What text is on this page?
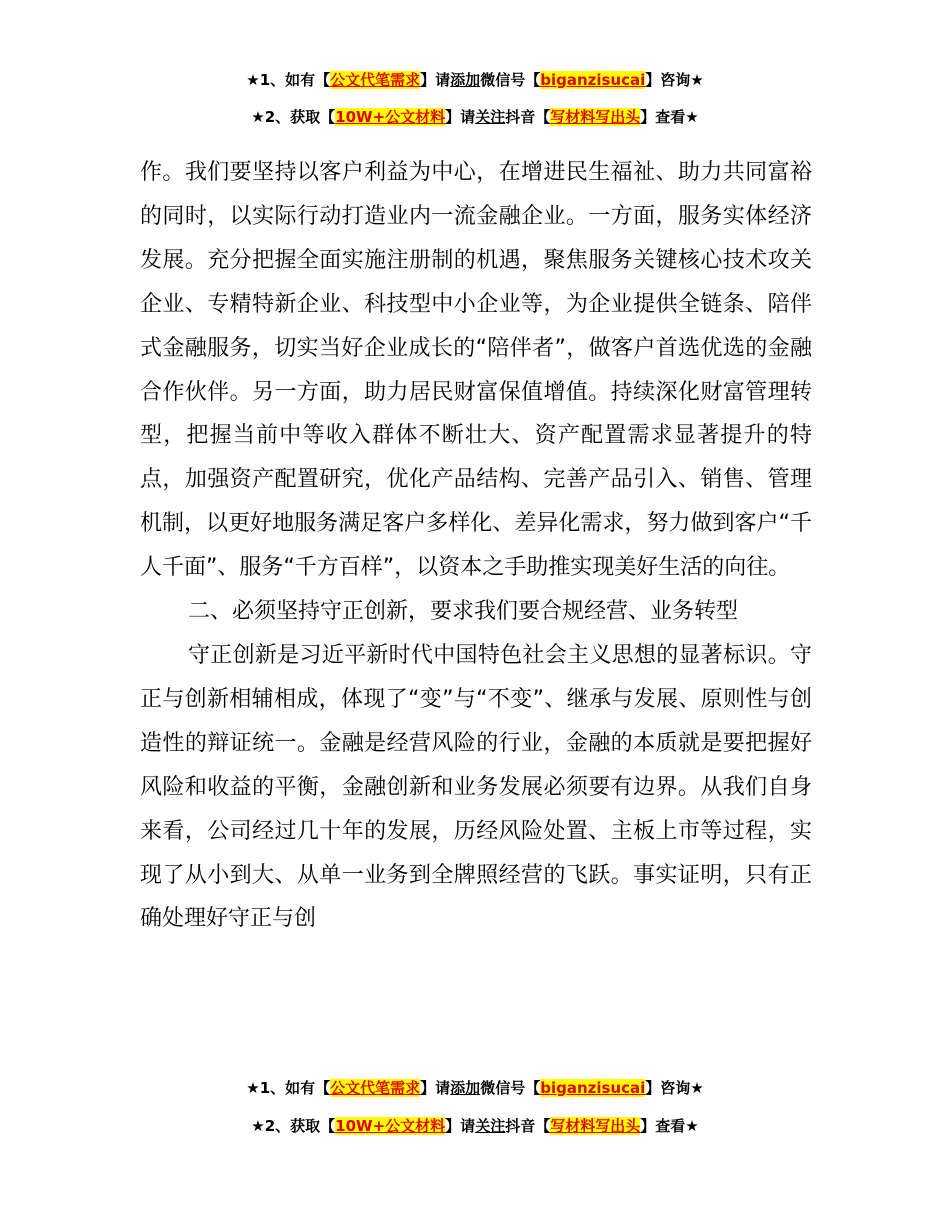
★1、如有【公文代笔需求】请添加微信号【biganzisucai】咨询★
★2、获取【10W+公文材料】请关注抖音【写材料写出头】查看★

作。我们要坚持以客户利益为中心，在增进民生福祉、助力共同富裕的同时，以实际行动打造业内一流金融企业。一方面，服务实体经济发展。充分把握全面实施注册制的机遇，聚焦服务关键核心技术攻关企业、专精特新企业、科技型中小企业等，为企业提供全链条、陪伴式金融服务，切实当好企业成长的“陪伴者”，做客户首选优选的金融合作伙伴。另一方面，助力居民财富保值增值。持续深化财富管理转型，把握当前中等收入群体不断壮大、资产配置需求显著提升的特点，加强资产配置研究，优化产品结构、完善产品引入、销售、管理机制，以更好地服务满足客户多样化、差异化需求，努力做到客户“千人千面”、服务“千方百样”，以资本之手助推实现美好生活的向往。

二、必须坚持守正创新，要求我们要合规经营、业务转型

守正创新是习近平新时代中国特色社会主义思想的显著标识。守正与创新相辅相成，体现了“变”与“不变”、继承与发展、原则性与创造性的辩证统一。金融是经营风险的行业，金融的本质就是要把握好风险和收益的平衡，金融创新和业务发展必须要有边界。从我们自身来看，公司经过几十年的发展，历经风险处置、主板上市等过程，实现了从小到大、从单一业务到全牌照经营的飞跃。事实证明，只有正确处理好守正与创

★1、如有【公文代笔需求】请添加微信号【biganzisucai】咨询★
★2、获取【10W+公文材料】请关注抖音【写材料写出头】查看★
